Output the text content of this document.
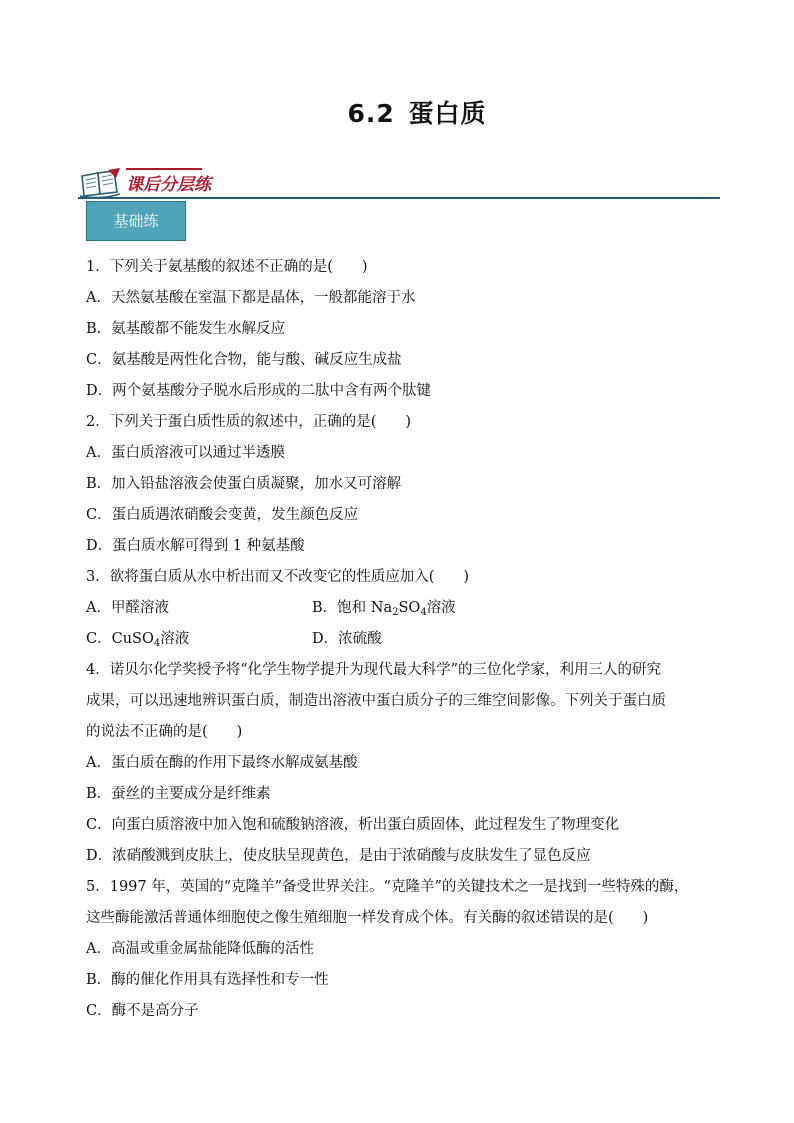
6.2 蛋白质
课后分层练
基础练
1．下列关于氨基酸的叙述不正确的是(　　)
A．天然氨基酸在室温下都是晶体，一般都能溶于水
B．氨基酸都不能发生水解反应
C．氨基酸是两性化合物，能与酸、碱反应生成盐
D．两个氨基酸分子脱水后形成的二肽中含有两个肽键
2．下列关于蛋白质性质的叙述中，正确的是(　　)
A．蛋白质溶液可以通过半透膜
B．加入铅盐溶液会使蛋白质凝聚，加水又可溶解
C．蛋白质遇浓硝酸会变黄，发生颜色反应
D．蛋白质水解可得到 1 种氨基酸
3．欲将蛋白质从水中析出而又不改变它的性质应加入(　　)
A．甲醛溶液	B．饱和 $Na_2SO_4$溶液
C．CuSO$_4$溶液	D．浓硫酸
4．诺贝尔化学奖授予将“化学生物学提升为现代最大科学”的三位化学家，利用三人的研究
成果，可以迅速地辨识蛋白质，制造出溶液中蛋白质分子的三维空间影像。下列关于蛋白质
的说法不正确的是(　　)
A．蛋白质在酶的作用下最终水解成氨基酸
B．蚕丝的主要成分是纤维素
C．向蛋白质溶液中加入饱和硫酸钠溶液，析出蛋白质固体，此过程发生了物理变化
D．浓硝酸溅到皮肤上，使皮肤呈现黄色，是由于浓硝酸与皮肤发生了显色反应
5．1997 年，英国的“克隆羊”备受世界关注。“克隆羊”的关键技术之一是找到一些特殊的酶，
这些酶能激活普通体细胞使之像生殖细胞一样发育成个体。有关酶的叙述错误的是(　　)
A．高温或重金属盐能降低酶的活性
B．酶的催化作用具有选择性和专一性
C．酶不是高分子
